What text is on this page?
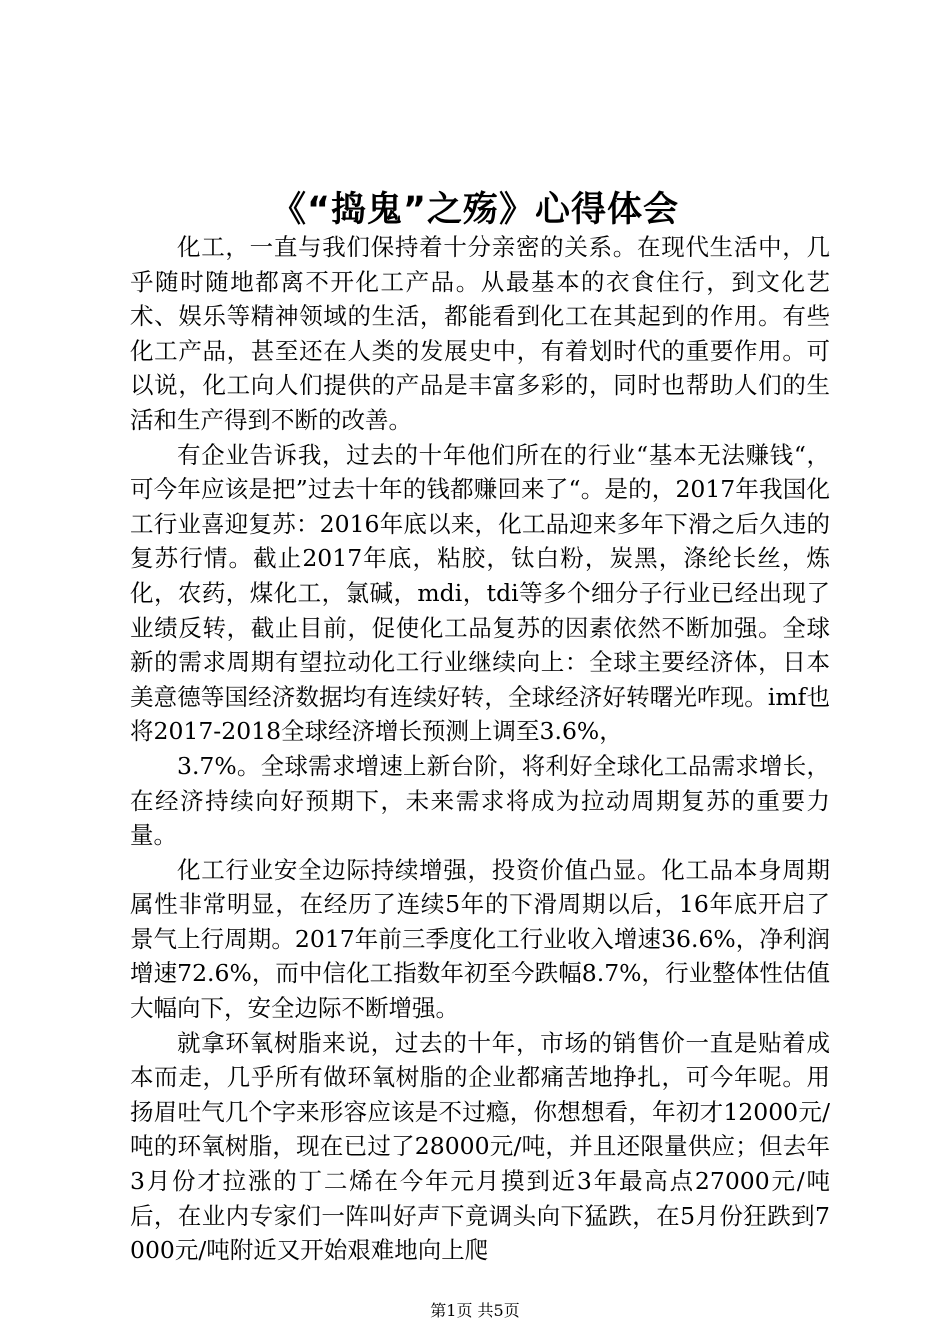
《“捣鬼”之殇》心得体会

化工，一直与我们保持着十分亲密的关系。在现代生活中，几乎随时随地都离不开化工产品。从最基本的衣食住行，到文化艺术、娱乐等精神领域的生活，都能看到化工在其起到的作用。有些化工产品，甚至还在人类的发展史中，有着划时代的重要作用。可以说，化工向人们提供的产品是丰富多彩的，同时也帮助人们的生活和生产得到不断的改善。

有企业告诉我，过去的十年他们所在的行业“基本无法赚钱“，可今年应该是把”过去十年的钱都赚回来了“。是的，2017年我国化工行业喜迎复苏：2016年底以来，化工品迎来多年下滑之后久违的复苏行情。截止2017年底，粘胶，钛白粉，炭黑，涤纶长丝，炼化，农药，煤化工，氯碱，mdi，tdi等多个细分子行业已经出现了业绩反转，截止目前，促使化工品复苏的因素依然不断加强。全球新的需求周期有望拉动化工行业继续向上：全球主要经济体，日本美意德等国经济数据均有连续好转，全球经济好转曙光咋现。imf也将2017-2018全球经济增长预测上调至3.6%，

3.7%。全球需求增速上新台阶，将利好全球化工品需求增长，在经济持续向好预期下，未来需求将成为拉动周期复苏的重要力量。

化工行业安全边际持续增强，投资价值凸显。化工品本身周期属性非常明显，在经历了连续5年的下滑周期以后，16年底开启了景气上行周期。2017年前三季度化工行业收入增速36.6%，净利润增速72.6%，而中信化工指数年初至今跌幅8.7%，行业整体性估值大幅向下，安全边际不断增强。

就拿环氧树脂来说，过去的十年，市场的销售价一直是贴着成本而走，几乎所有做环氧树脂的企业都痛苦地挣扎，可今年呢。用扬眉吐气几个字来形容应该是不过瘾，你想想看，年初才12000元/吨的环氧树脂，现在已过了28000元/吨，并且还限量供应；但去年3月份才拉涨的丁二烯在今年元月摸到近3年最高点27000元/吨后，在业内专家们一阵叫好声下竟调头向下猛跌，在5月份狂跌到7000元/吨附近又开始艰难地向上爬

第1页 共5页
